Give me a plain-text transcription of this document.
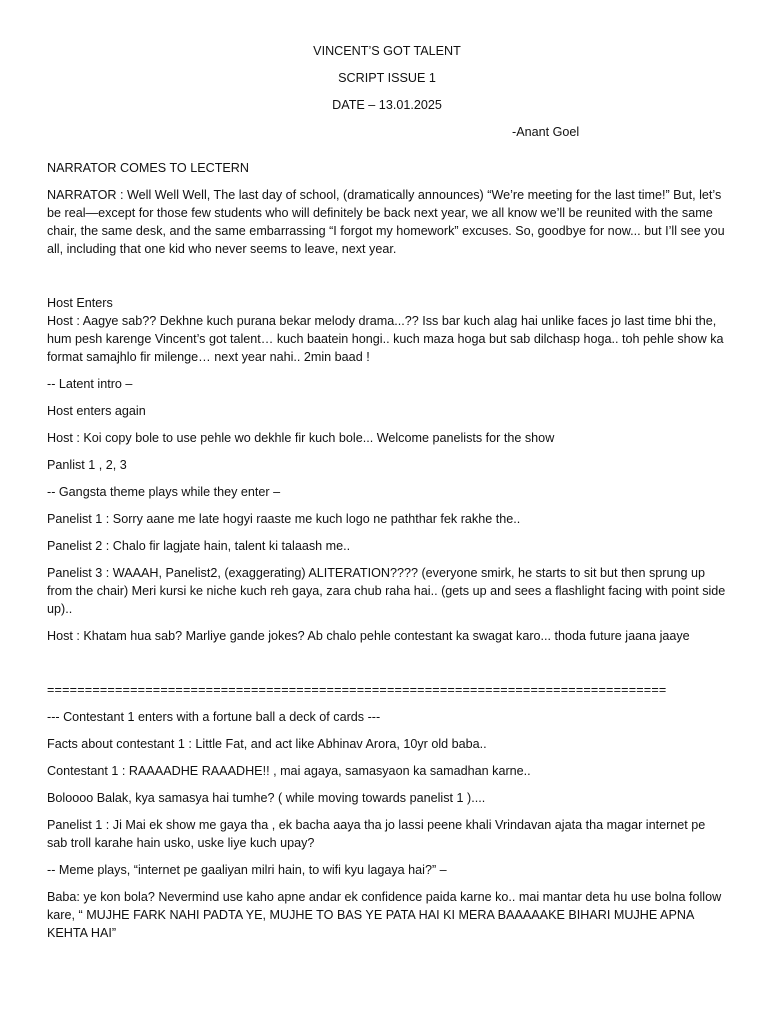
VINCENT’S GOT TALENT

SCRIPT ISSUE 1

DATE – 13.01.2025

-Anant Goel

NARRATOR COMES TO LECTERN

NARRATOR : Well Well Well, The last day of school, (dramatically announces) “We’re meeting for the last time!” But, let’s be real—except for those few students who will definitely be back next year, we all know we’ll be reunited with the same chair, the same desk, and the same embarrassing “I forgot my homework” excuses. So, goodbye for now... but I’ll see you all, including that one kid who never seems to leave, next year.

Host Enters

Host : Aagye sab?? Dekhne kuch purana bekar melody drama...?? Iss bar kuch alag hai unlike faces jo last time bhi the, hum pesh karenge Vincent’s got talent… kuch baatein hongi.. kuch maza hoga but sab dilchasp hoga.. toh pehle show ka format samajhlo fir milenge… next year nahi.. 2min baad !

-- Latent intro –

Host enters again

Host : Koi copy bole to use pehle wo dekhle fir kuch bole... Welcome panelists for the show

Panlist 1 , 2, 3

-- Gangsta theme plays while they enter –

Panelist 1 : Sorry aane me late hogyi raaste me kuch logo ne paththar fek rakhe the..

Panelist 2 : Chalo fir lagjate hain, talent ki talaash me..

Panelist 3 : WAAAH, Panelist2, (exaggerating) ALITERATION???? (everyone smirk, he starts to sit but then sprung up from the chair) Meri kursi ke niche kuch reh gaya, zara chub raha hai.. (gets up and sees a flashlight facing with point side up)..

Host : Khatam hua sab? Marliye gande jokes? Ab chalo pehle contestant ka swagat karo... thoda future jaana jaaye

==================================================================================

--- Contestant 1 enters with a fortune ball a deck of cards ---

Facts about contestant 1 : Little Fat, and act like Abhinav Arora, 10yr old baba..

Contestant 1 : RAAAADHE RAAADHE!! , mai agaya, samasyaon ka samadhan karne..

Boloooo Balak, kya samasya hai tumhe? ( while moving towards panelist 1 )....

Panelist 1 : Ji Mai ek show me gaya tha , ek bacha aaya tha jo lassi peene khali Vrindavan ajata tha magar internet pe sab troll karahe hain usko, uske liye kuch upay?

-- Meme plays, “internet pe gaaliyan milri hain, to wifi kyu lagaya hai?” –

Baba: ye kon bola? Nevermind use kaho apne andar ek confidence paida karne ko.. mai mantar deta hu use bolna follow kare, “ MUJHE FARK NAHI PADTA YE, MUJHE TO BAS YE PATA HAI KI MERA BAAAAAKE BIHARI MUJHE APNA KEHTA HAI”
